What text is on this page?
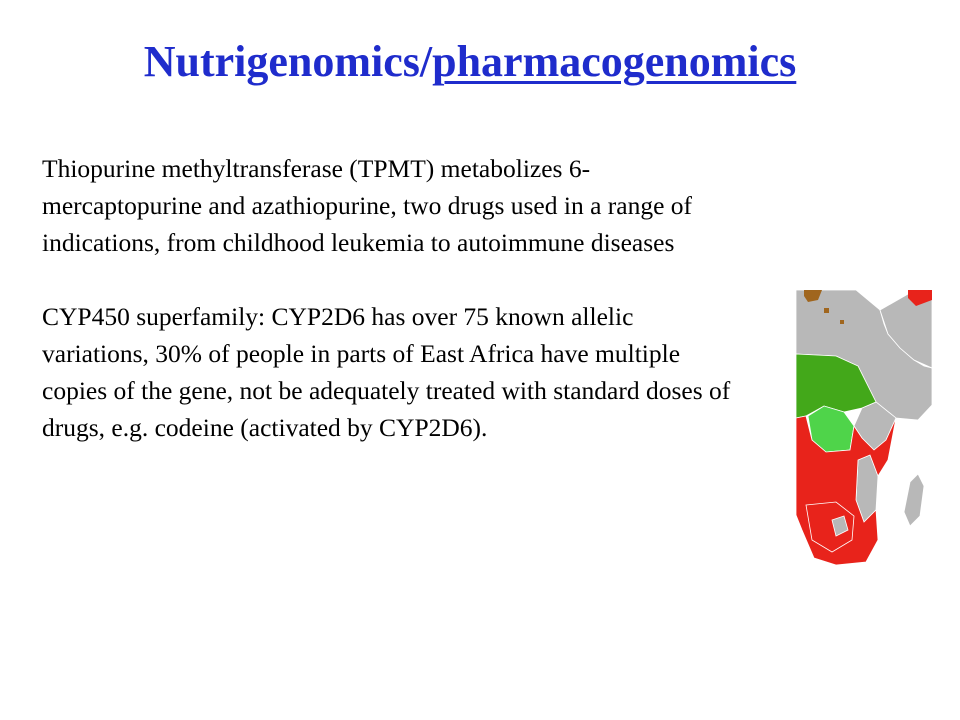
Nutrigenomics/pharmacogenomics

Thiopurine methyltransferase (TPMT) metabolizes 6-mercaptopurine and azathiopurine, two drugs used in a range of indications, from childhood leukemia to autoimmune diseases

CYP450 superfamily: CYP2D6 has over 75 known allelic variations, 30% of people in parts of East Africa have multiple copies of the gene, not be adequately treated with standard doses of drugs, e.g. codeine (activated by CYP2D6).
